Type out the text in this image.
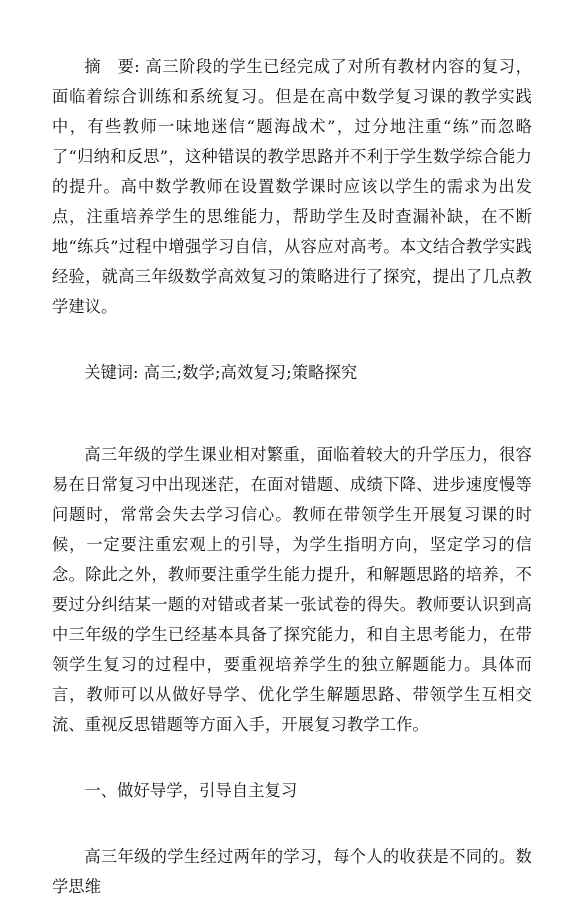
摘　要: 高三阶段的学生已经完成了对所有教材内容的复习，面临着综合训练和系统复习。但是在高中数学复习课的教学实践中，有些教师一味地迷信“题海战术”，过分地注重“练”而忽略了“归纳和反思”，这种错误的教学思路并不利于学生数学综合能力的提升。高中数学教师在设置数学课时应该以学生的需求为出发点，注重培养学生的思维能力，帮助学生及时查漏补缺，在不断地“练兵”过程中增强学习自信，从容应对高考。本文结合教学实践经验，就高三年级数学高效复习的策略进行了探究，提出了几点教学建议。

关键词: 高三;数学;高效复习;策略探究

高三年级的学生课业相对繁重，面临着较大的升学压力，很容易在日常复习中出现迷茫，在面对错题、成绩下降、进步速度慢等问题时，常常会失去学习信心。教师在带领学生开展复习课的时候，一定要注重宏观上的引导，为学生指明方向，坚定学习的信念。除此之外，教师要注重学生能力提升，和解题思路的培养，不要过分纠结某一题的对错或者某一张试卷的得失。教师要认识到高中三年级的学生已经基本具备了探究能力，和自主思考能力，在带领学生复习的过程中，要重视培养学生的独立解题能力。具体而言，教师可以从做好导学、优化学生解题思路、带领学生互相交流、重视反思错题等方面入手，开展复习教学工作。

一、做好导学，引导自主复习

高三年级的学生经过两年的学习，每个人的收获是不同的。数学思维
